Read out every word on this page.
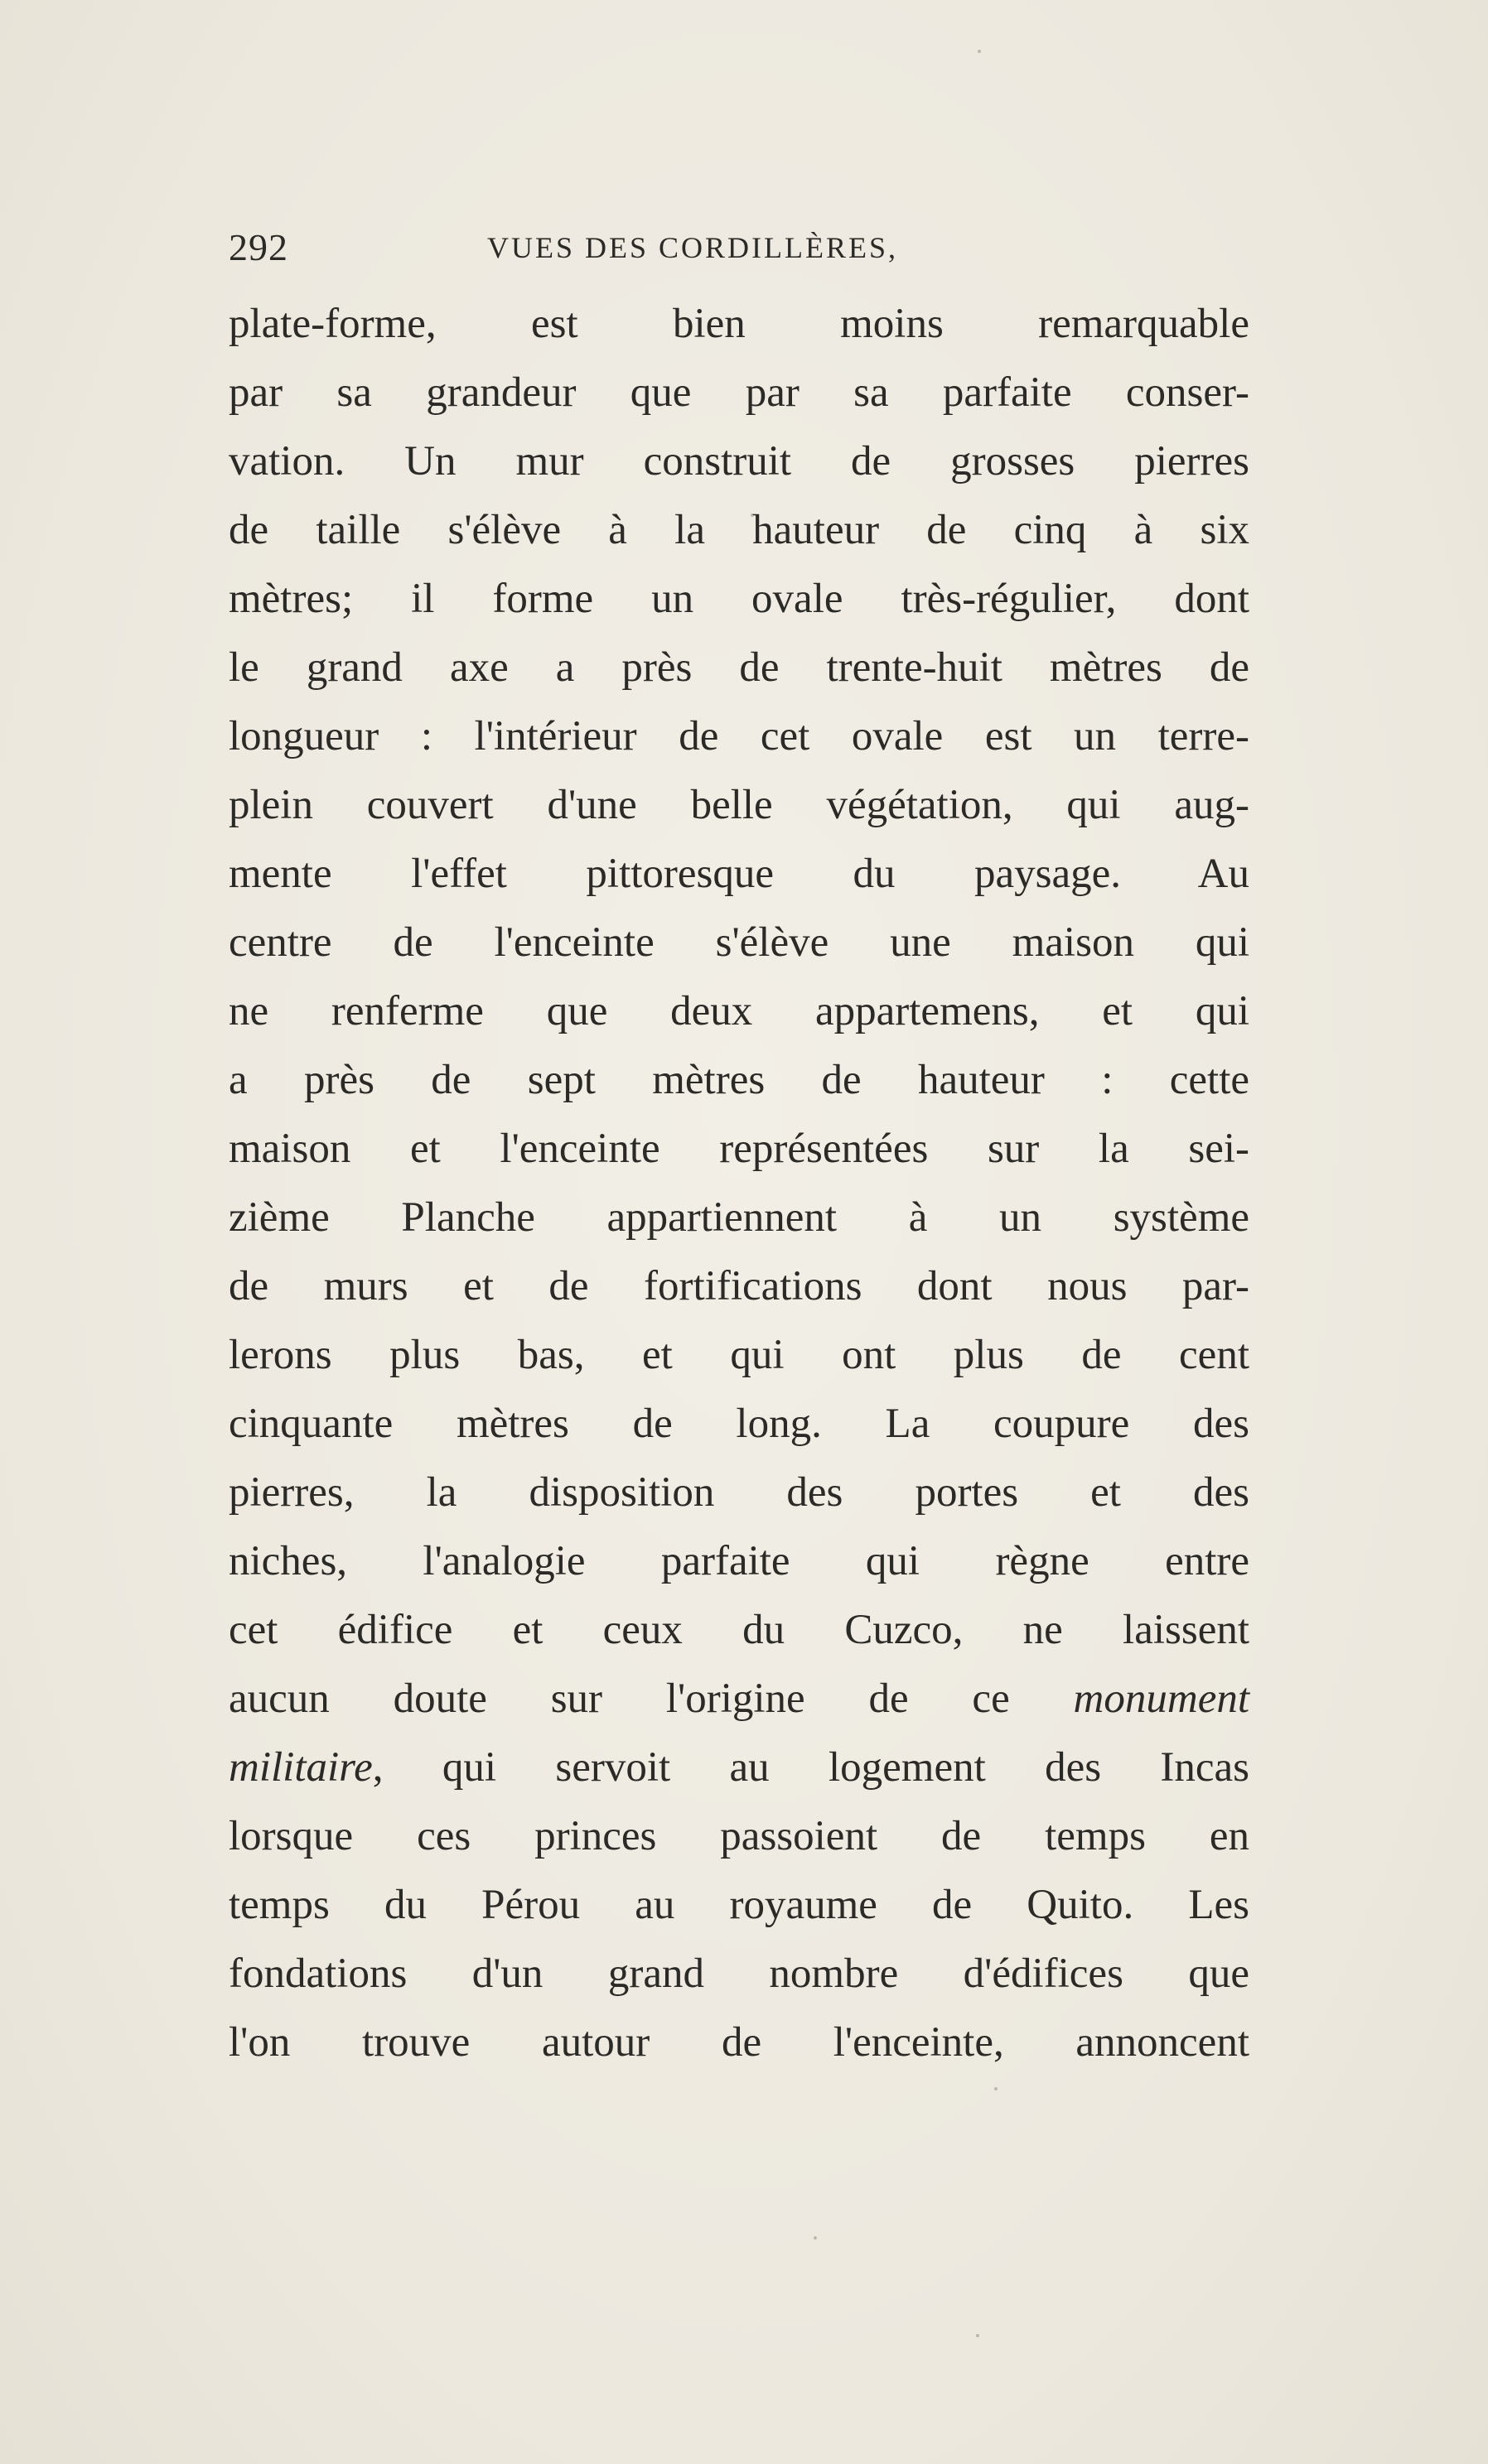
292	VUES DES CORDILLÈRES,
plate-forme, est bien moins remarquable
par sa grandeur que par sa parfaite conser-
vation. Un mur construit de grosses pierres
de taille s'élève à la hauteur de cinq à six
mètres; il forme un ovale très-régulier, dont
le grand axe a près de trente-huit mètres de
longueur : l'intérieur de cet ovale est un terre-
plein couvert d'une belle végétation, qui aug-
mente l'effet pittoresque du paysage. Au
centre de l'enceinte s'élève une maison qui
ne renferme que deux appartemens, et qui
a près de sept mètres de hauteur : cette
maison et l'enceinte représentées sur la sei-
zième Planche appartiennent à un système
de murs et de fortifications dont nous par-
lerons plus bas, et qui ont plus de cent
cinquante mètres de long. La coupure des
pierres, la disposition des portes et des
niches, l'analogie parfaite qui règne entre
cet édifice et ceux du Cuzco, ne laissent
aucun doute sur l'origine de ce monument
militaire, qui servoit au logement des Incas
lorsque ces princes passoient de temps en
temps du Pérou au royaume de Quito. Les
fondations d'un grand nombre d'édifices que
l'on trouve autour de l'enceinte, annoncent
